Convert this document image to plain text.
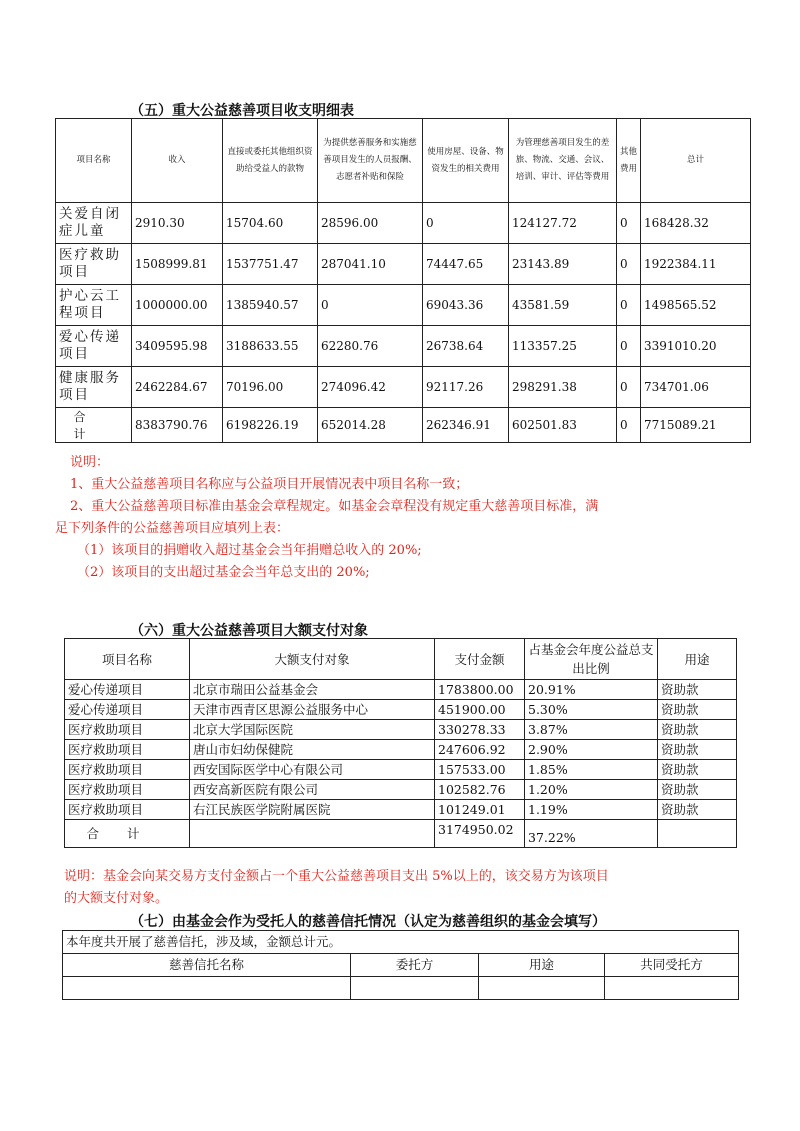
（五）重大公益慈善项目收支明细表
项目名称	收入	直接或委托其他组织资助给受益人的款物	为提供慈善服务和实施慈善项目发生的人员报酬、志愿者补贴和保险	使用房屋、设备、物资发生的相关费用	为管理慈善项目发生的差旅、物流、交通、会议、培训、审计、评估等费用	其他费用	总计
关爱自闭症儿童	2910.30	15704.60	28596.00	0	124127.72	0	168428.32
医疗救助项目	1508999.81	1537751.47	287041.10	74447.65	23143.89	0	1922384.11
护心云工程项目	1000000.00	1385940.57	0	69043.36	43581.59	0	1498565.52
爱心传递项目	3409595.98	3188633.55	62280.76	26738.64	113357.25	0	3391010.20
健康服务项目	2462284.67	70196.00	274096.42	92117.26	298291.38	0	734701.06
合计	8383790.76	6198226.19	652014.28	262346.91	602501.83	0	7715089.21
说明：
1、重大公益慈善项目名称应与公益项目开展情况表中项目名称一致；
2、重大公益慈善项目标准由基金会章程规定。如基金会章程没有规定重大慈善项目标准，满
足下列条件的公益慈善项目应填列上表：
（1）该项目的捐赠收入超过基金会当年捐赠总收入的 20%;
（2）该项目的支出超过基金会当年总支出的 20%;
（六）重大公益慈善项目大额支付对象
项目名称	大额支付对象	支付金额	占基金会年度公益总支出比例	用途
爱心传递项目	北京市瑞田公益基金会	1783800.00	20.91%	资助款
爱心传递项目	天津市西青区思源公益服务中心	451900.00	5.30%	资助款
医疗救助项目	北京大学国际医院	330278.33	3.87%	资助款
医疗救助项目	唐山市妇幼保健院	247606.92	2.90%	资助款
医疗救助项目	西安国际医学中心有限公司	157533.00	1.85%	资助款
医疗救助项目	西安高新医院有限公司	102582.76	1.20%	资助款
医疗救助项目	右江民族医学院附属医院	101249.01	1.19%	资助款
合计		3174950.02	37.22%	
说明：基金会向某交易方支付金额占一个重大公益慈善项目支出 5%以上的，该交易方为该项目
的大额支付对象。
（七）由基金会作为受托人的慈善信托情况（认定为慈善组织的基金会填写）
本年度共开展了慈善信托，涉及域，金额总计元。			
慈善信托名称	委托方	用途	共同受托方
